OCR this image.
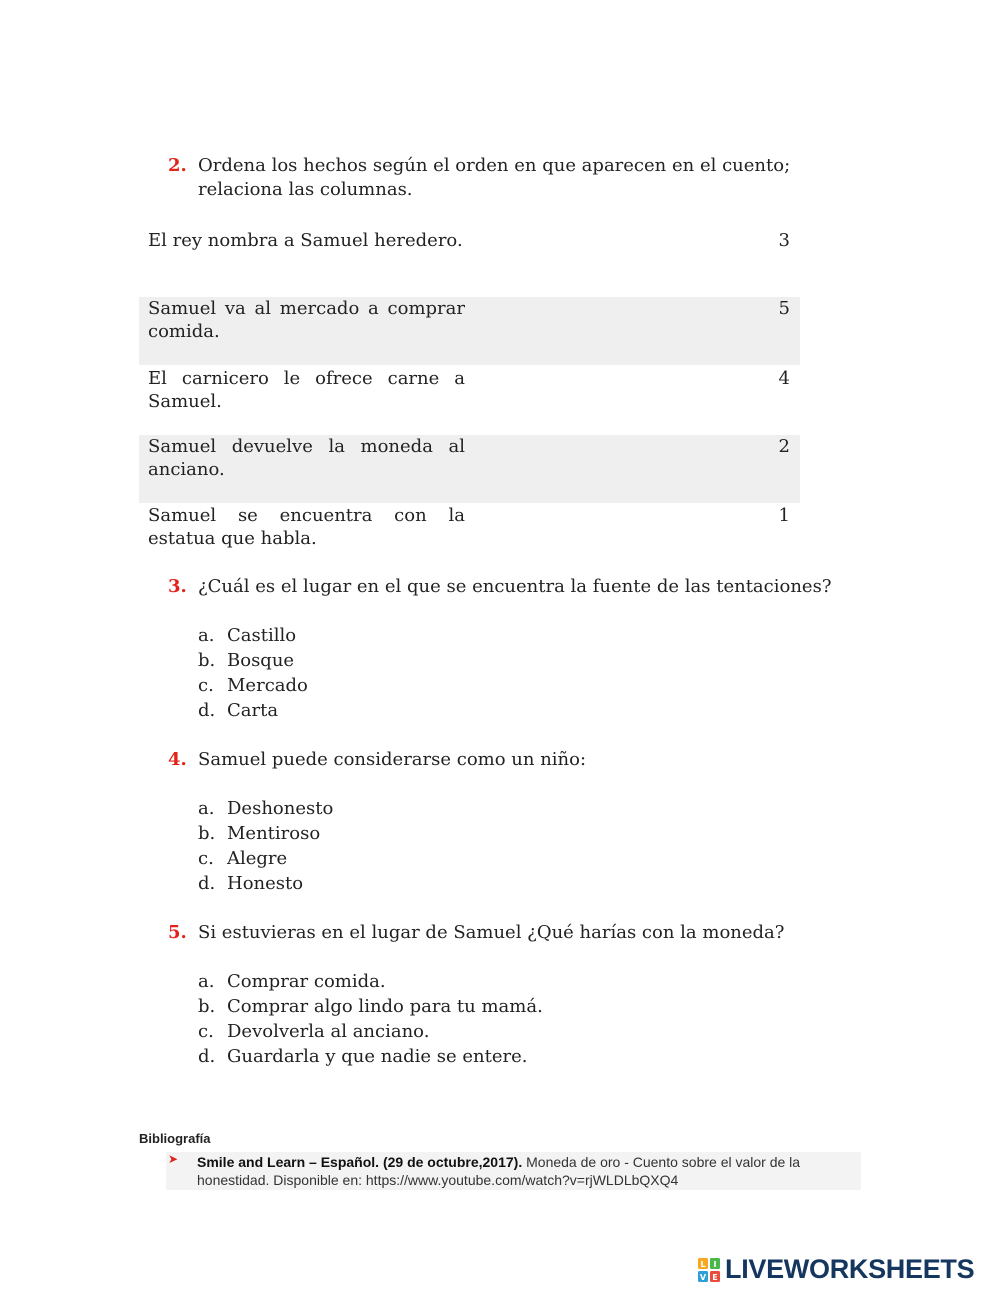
2. Ordena los hechos según el orden en que aparecen en el cuento; relaciona las columnas.
El rey nombra a Samuel heredero.	3
Samuel va al mercado a comprar comida.
5
El carnicero le ofrece carne a Samuel.
4
Samuel devuelve la moneda al anciano.
2
Samuel se encuentra con la estatua que habla.
1
3. ¿Cuál es el lugar en el que se encuentra la fuente de las tentaciones?
a. Castillo
b. Bosque
c. Mercado
d. Carta
4. Samuel puede considerarse como un niño:
a. Deshonesto
b. Mentiroso
c. Alegre
d. Honesto
5. Si estuvieras en el lugar de Samuel ¿Qué harías con la moneda?
a. Comprar comida.
b. Comprar algo lindo para tu mamá.
c. Devolverla al anciano.
d. Guardarla y que nadie se entere.
Bibliografía
➤ Smile and Learn – Español. (29 de octubre,2017). Moneda de oro - Cuento sobre el valor de la honestidad. Disponible en: https://www.youtube.com/watch?v=rjWLDLbQXQ4
L I
V E LIVEWORKSHEETS
